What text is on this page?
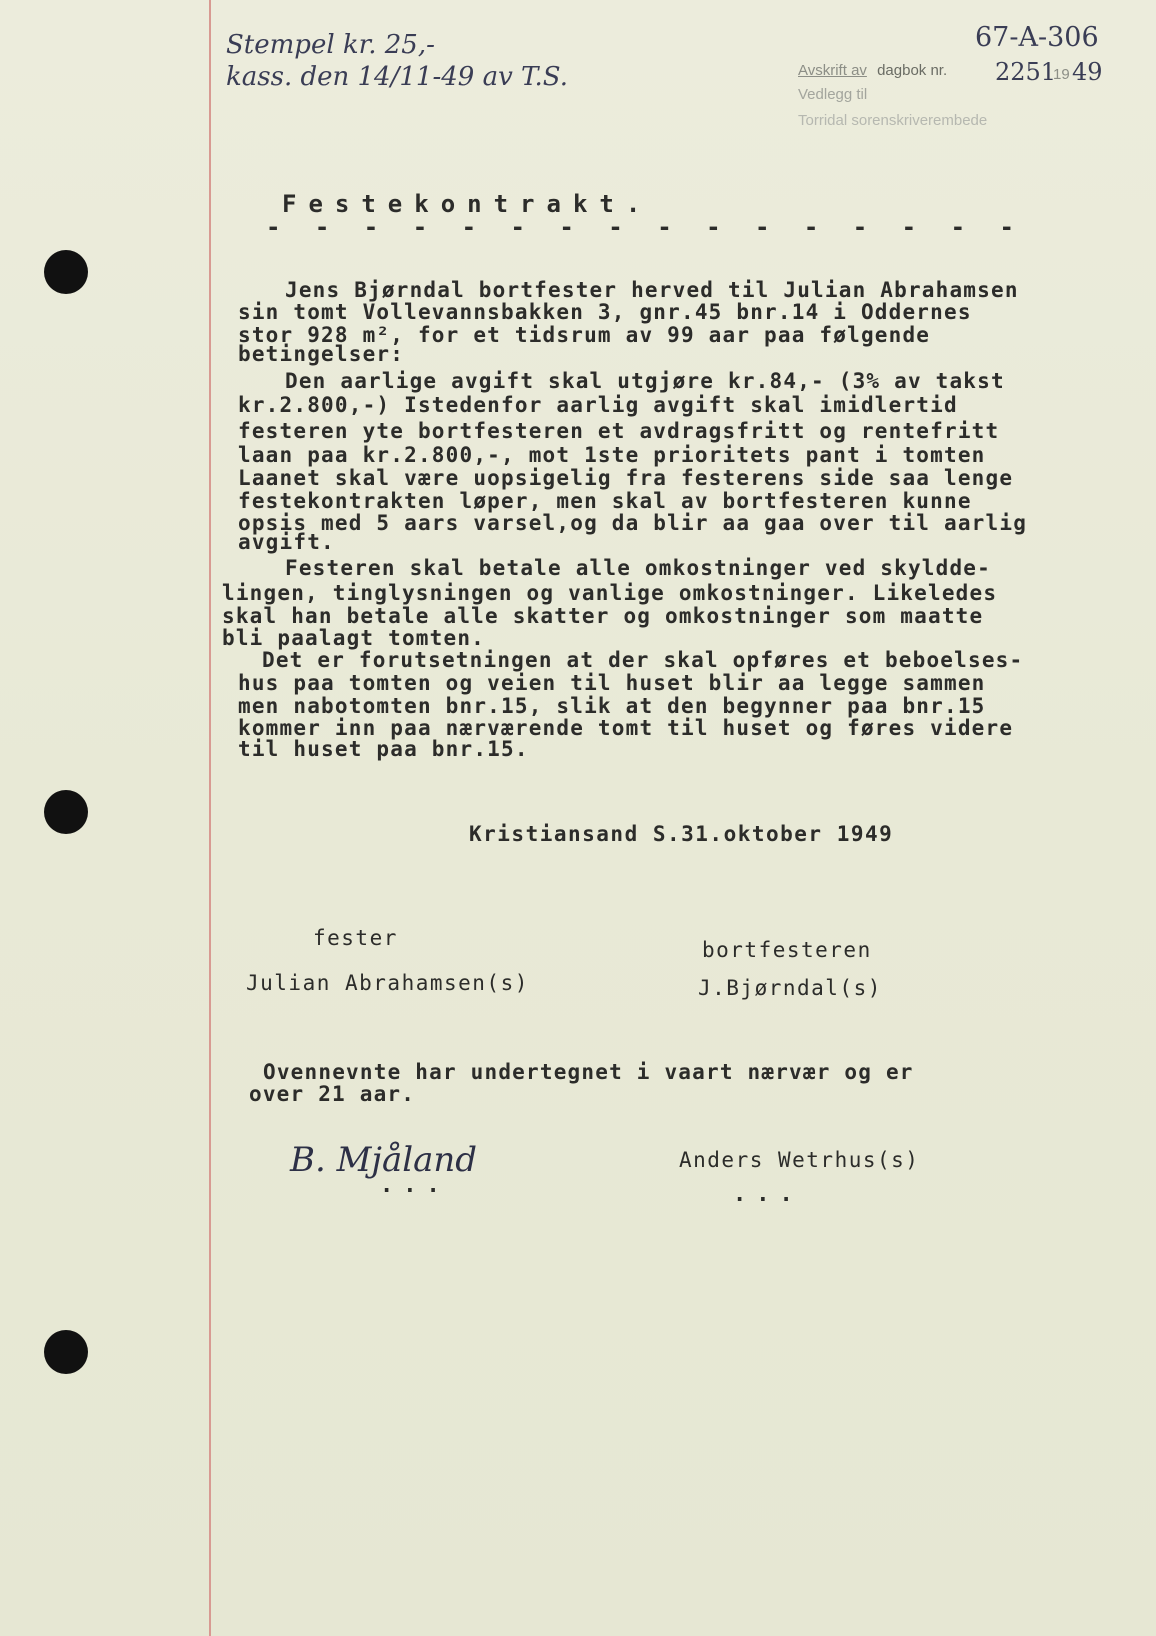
Stempel kr. 25,-
kass. den 14/11-49 av T.S.
67-A-306
Avskrift av dagbok nr. 2251
19 49
Vedlegg til
Torridal sorenskriverembede
Festekontrakt.
- - - - - - - - - - - - - - - -
Jens Bjørndal bortfester herved til Julian Abrahamsen
sin tomt Vollevannsbakken 3, gnr.45 bnr.14 i Oddernes
stor 928 m², for et tidsrum av 99 aar paa følgende
betingelser:
Den aarlige avgift skal utgjøre kr.84,- (3% av takst
kr.2.800,-) Istedenfor aarlig avgift skal imidlertid
festeren yte bortfesteren et avdragsfritt og rentefritt
laan paa kr.2.800,-, mot 1ste prioritets pant i tomten
Laanet skal være uopsigelig fra festerens side saa lenge
festekontrakten løper, men skal av bortfesteren kunne
opsis med 5 aars varsel,og da blir aa gaa over til aarlig
avgift.
Festeren skal betale alle omkostninger ved skyldde-
lingen, tinglysningen og vanlige omkostninger. Likeledes
skal han betale alle skatter og omkostninger som maatte
bli paalagt tomten.
Det er forutsetningen at der skal opføres et beboelses-
hus paa tomten og veien til huset blir aa legge sammen
men nabotomten bnr.15, slik at den begynner paa bnr.15
kommer inn paa nærværende tomt til huset og føres videre
til huset paa bnr.15.
Kristiansand S.31.oktober 1949
fester
Julian Abrahamsen(s)
bortfesteren
J.Bjørndal(s)
Ovennevnte har undertegnet i vaart nærvær og er
over 21 aar.
B. Mjåland
...
Anders Wetrhus(s)
...
